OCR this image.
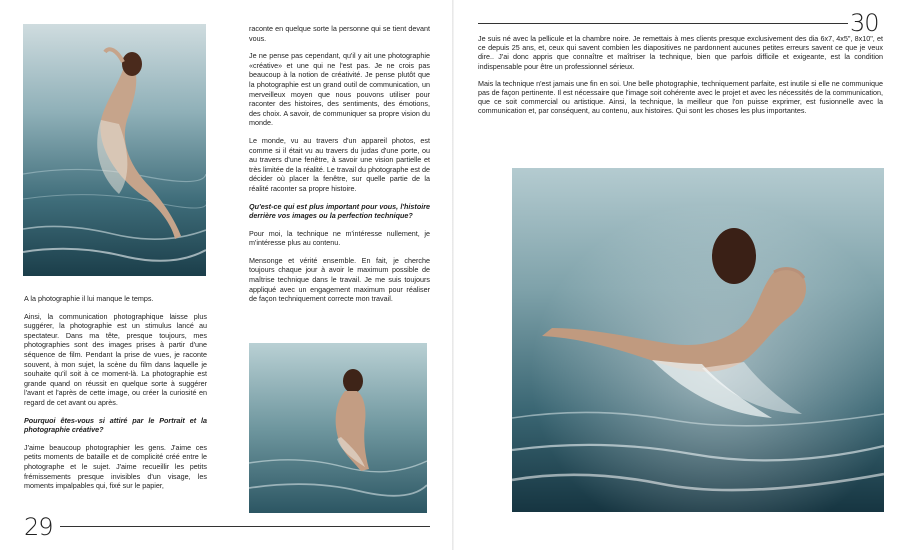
A la photographie il lui manque le temps.

Ainsi, la communication photographique laisse plus suggérer, la photographie est un stimulus lancé au spectateur. Dans ma tête, presque toujours, mes photographies sont des images prises à partir d'une séquence de film. Pendant la prise de vues, je raconte souvent, à mon sujet, la scène du film dans laquelle je souhaite qu'il soit à ce moment-là. La photographie est grande quand on réussit en quelque sorte à suggérer l'avant et l'après de cette image, ou créer la curiosité en regard de cet avant ou après.

Pourquoi êtes-vous si attiré par le Portrait et la photographie créative?

J'aime beaucoup photographier les gens. J'aime ces petits moments de bataille et de complicité créé entre le photographe et le sujet. J'aime recueillir les petits frémissements presque invisibles d'un visage, les moments impalpables qui, fixé sur le papier,

raconte en quelque sorte la personne qui se tient devant vous.

Je ne pense pas cependant, qu'il y ait une photographie «créative» et une qui ne l'est pas. Je ne crois pas beaucoup à la notion de créativité. Je pense plutôt que la photographie est un grand outil de communication, un merveilleux moyen que nous pouvons utiliser pour raconter des histoires, des sentiments, des émotions, des choix. A savoir, de communiquer sa propre vision du monde.

Le monde, vu au travers d'un appareil photos, est comme si il était vu au travers du judas d'une porte, ou au travers d'une fenêtre, à savoir une vision partielle et très limitée de la réalité. Le travail du photographe est de décider où placer la fenêtre, sur quelle partie de la réalité raconter sa propre histoire.

Qu'est-ce qui est plus important pour vous, l'histoire derrière vos images ou la perfection technique?

Pour moi, la technique ne m'intéresse nullement, je m'intéresse plus au contenu.

Mensonge et vérité ensemble. En fait, je cherche toujours chaque jour à avoir le maximum possible de maîtrise technique dans le travail. Je me suis toujours appliqué avec un engagement maximum pour réaliser de façon techniquement correcte mon travail.

29
30

Je suis né avec la pellicule et la chambre noire. Je remettais à mes clients presque exclusivement des dia 6x7, 4x5", 8x10", et ce depuis 25 ans, et, ceux qui savent combien les diapositives ne pardonnent aucunes petites erreurs savent ce que je veux dire.. J'ai donc appris que connaître et maîtriser la technique, bien que parfois difficile et exigeante, est la condition indispensable pour être un professionnel sérieux.

Mais la technique n'est jamais une fin en soi. Une belle photographie, techniquement parfaite, est inutile si elle ne communique pas de façon pertinente. Il est nécessaire que l'image soit cohérente avec le projet et avec les nécessités de la communication, que ce soit commercial ou artistique. Ainsi, la technique, la meilleur que l'on puisse exprimer, est fusionnelle avec la communication et, par conséquent, au contenu, aux histoires. Qui sont les choses les plus importantes.
